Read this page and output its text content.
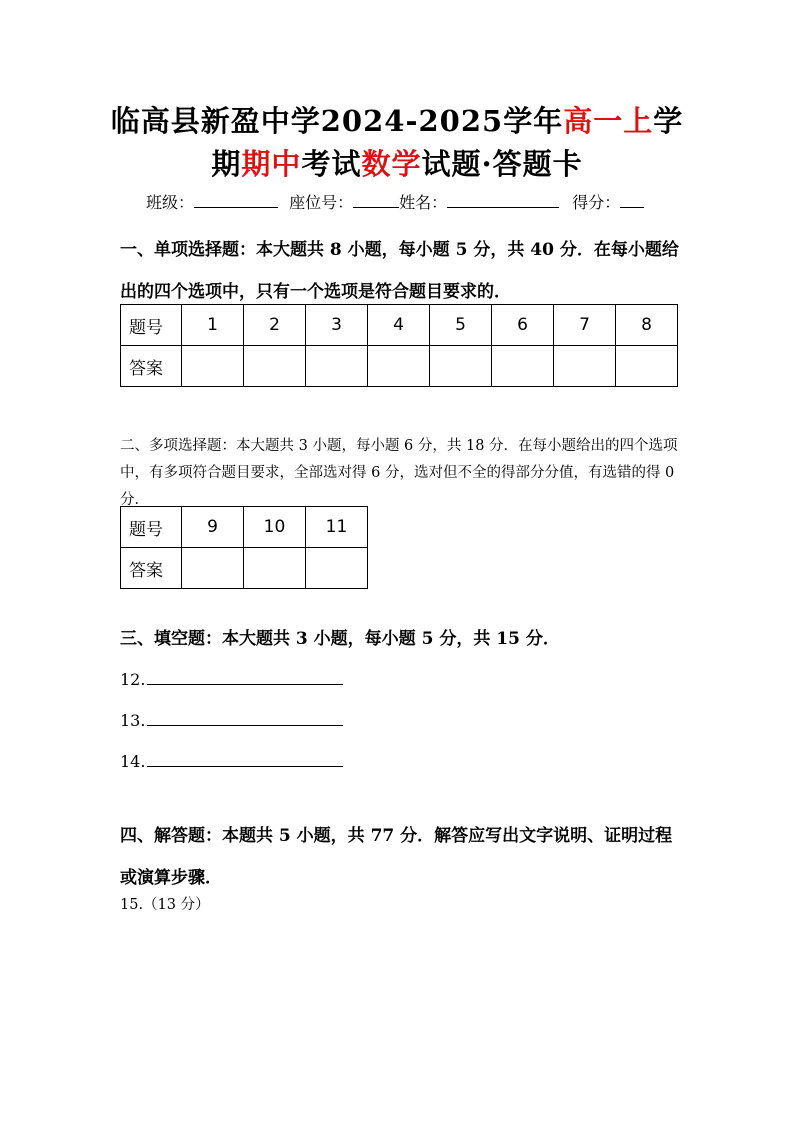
临高县新盈中学2024-2025学年高一上学
期期中考试数学试题·答题卡
班级：	座位号：	姓名：	得分：
一、单项选择题：本大题共 8 小题，每小题 5 分，共 40 分．在每小题给出的四个选项中，只有一个选项是符合题目要求的．
题号	1	2	3	4	5	6	7	8
答案								
二、多项选择题：本大题共 3 小题，每小题 6 分，共 18 分．在每小题给出的四个选项中，有多项符合题目要求，全部选对得 6 分，选对但不全的得部分分值，有选错的得 0 分．
题号	9	10	11
答案			
三、填空题：本大题共 3 小题，每小题 5 分，共 15 分．
12.
13.
14.
四、解答题：本题共 5 小题，共 77 分．解答应写出文字说明、证明过程或演算步骤．
15.（13 分）
